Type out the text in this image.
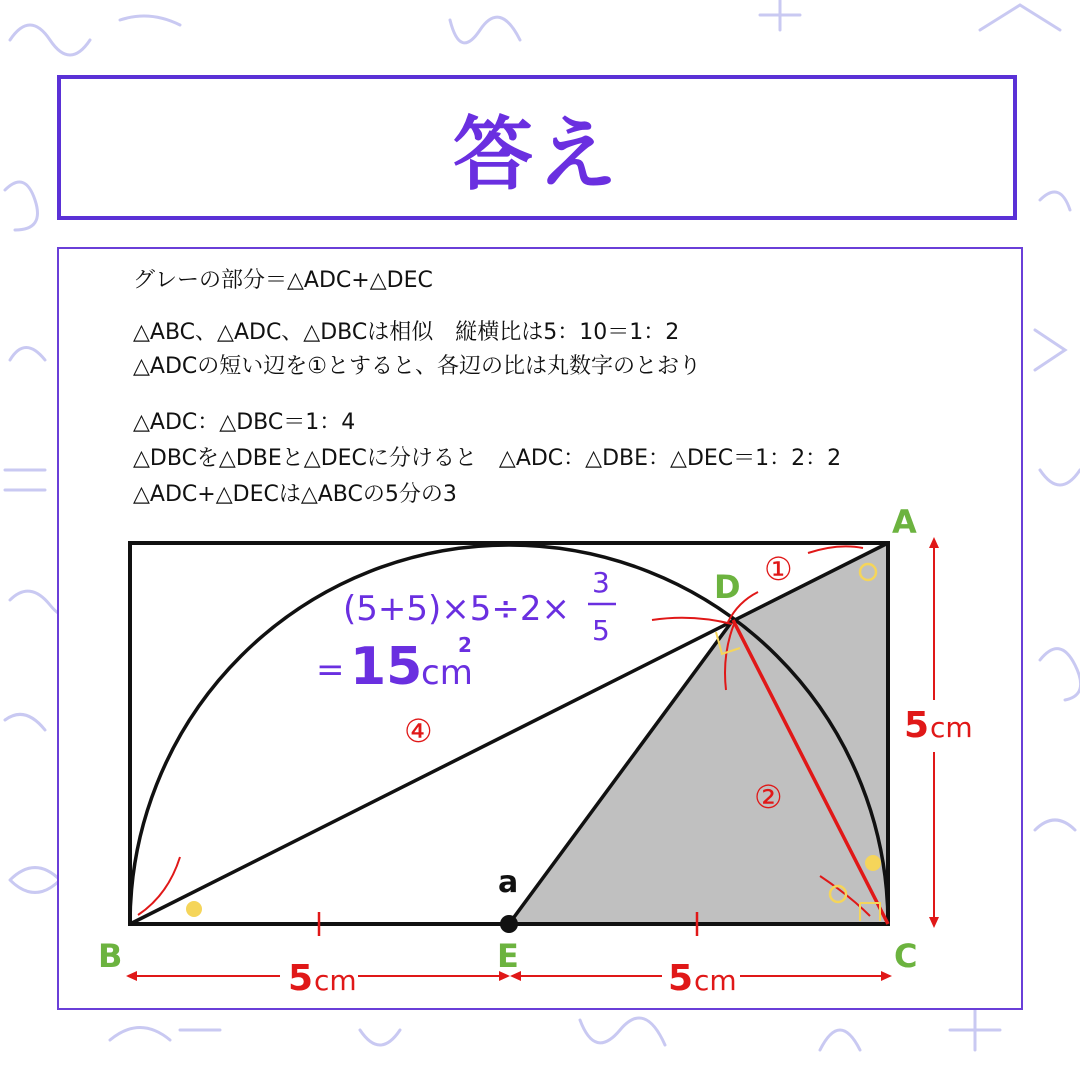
答え
グレーの部分＝△ADC+△DEC
△ABC、△ADC、△DBCは相似　縦横比は5：10＝1：2
△ADCの短い辺を①とすると、各辺の比は丸数字のとおり
△ADC：△DBC＝1：4
△DBCを△DBEと△DECに分けると　△ADC：△DBE：△DEC＝1：2：2
△ADC+△DECは△ABCの5分の3
A
B	C
D
E
a
①
②
④
(5+5)×5÷2×
3
5
= 15
cm
2
5 cm
5 cm	5 cm
